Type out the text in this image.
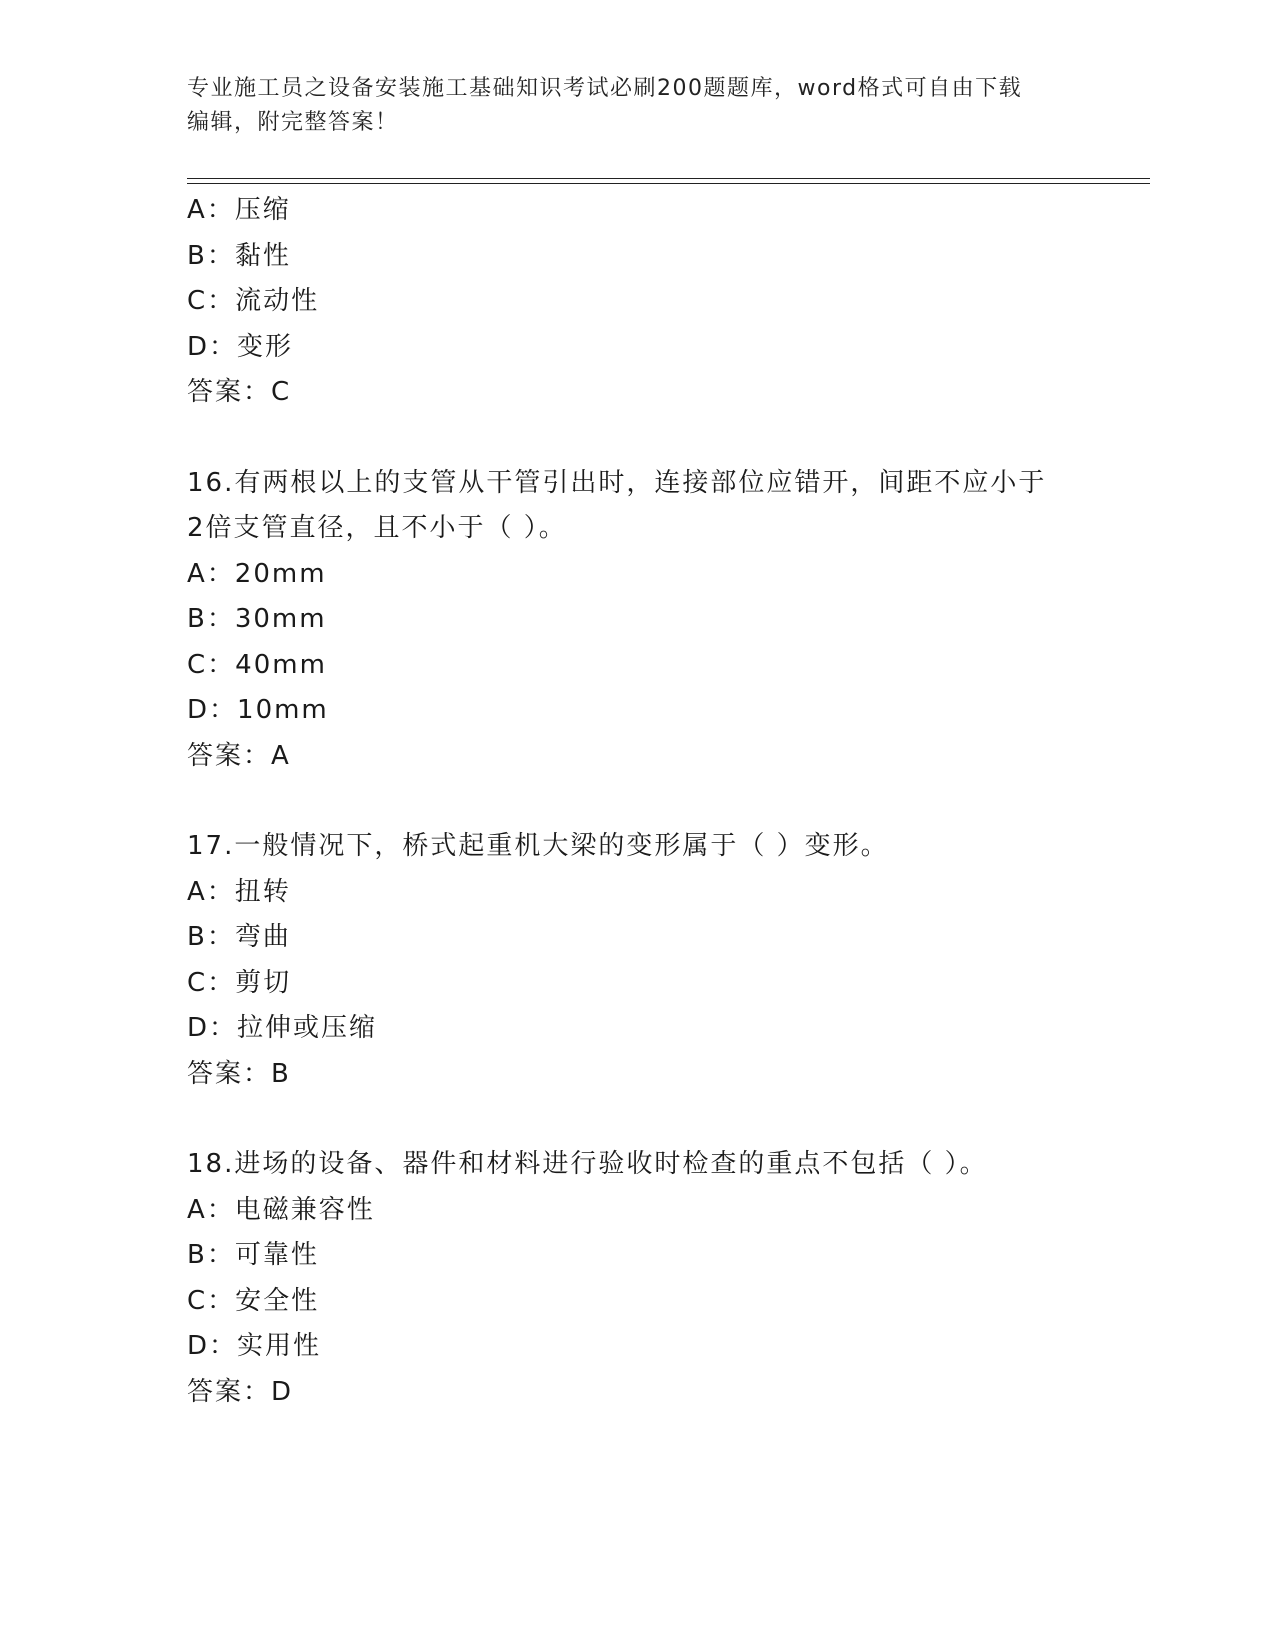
专业施工员之设备安装施工基础知识考试必刷200题题库，word格式可自由下载
编辑，附完整答案！
A：压缩
B：黏性
C：流动性
D：变形
答案：C
16.有两根以上的支管从干管引出时，连接部位应错开，间距不应小于
2倍支管直径，且不小于（ ）。
A：20mm
B：30mm
C：40mm
D：10mm
答案：A
17.一般情况下，桥式起重机大梁的变形属于（ ）变形。
A：扭转
B：弯曲
C：剪切
D：拉伸或压缩
答案：B
18.进场的设备、器件和材料进行验收时检查的重点不包括（ ）。
A：电磁兼容性
B：可靠性
C：安全性
D：实用性
答案：D
